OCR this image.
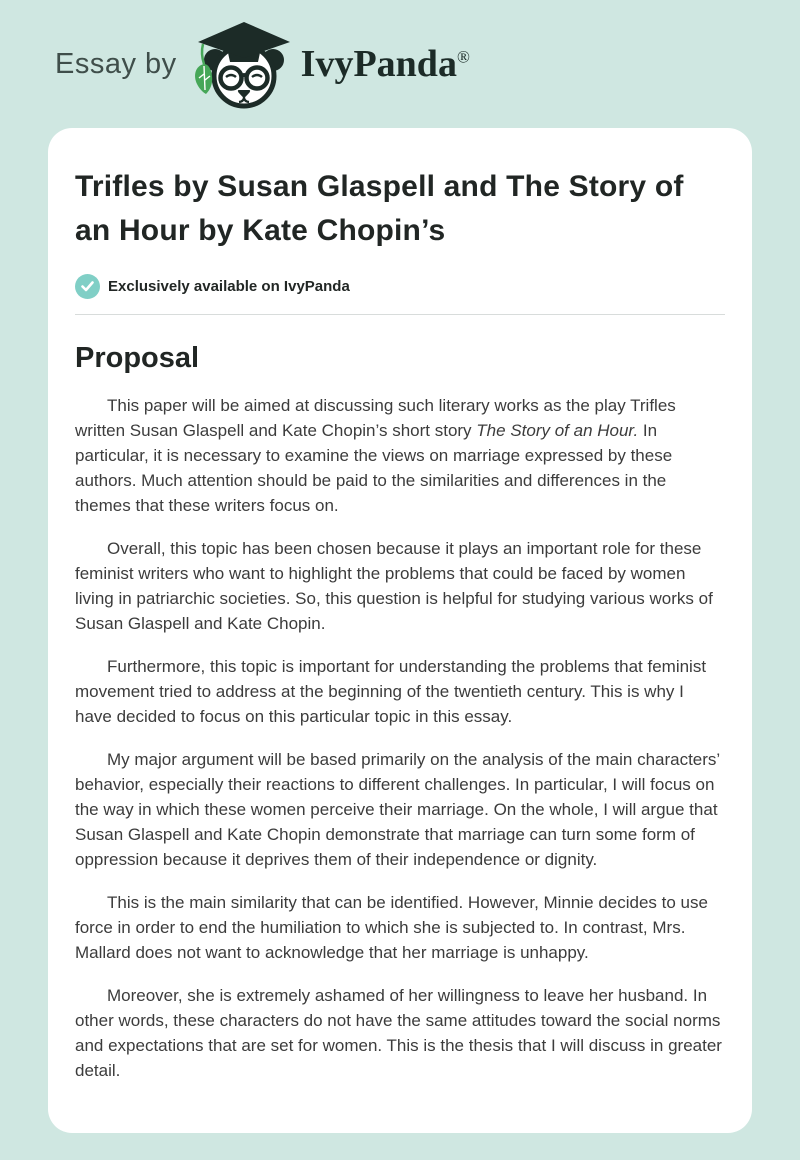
Essay by	IvyPanda®
Trifles by Susan Glaspell and The Story of an Hour by Kate Chopin’s
Exclusively available on IvyPanda
Proposal

This paper will be aimed at discussing such literary works as the play Trifles written Susan Glaspell and Kate Chopin’s short story The Story of an Hour. In particular, it is necessary to examine the views on marriage expressed by these authors. Much attention should be paid to the similarities and differences in the themes that these writers focus on.

Overall, this topic has been chosen because it plays an important role for these feminist writers who want to highlight the problems that could be faced by women living in patriarchic societies. So, this question is helpful for studying various works of Susan Glaspell and Kate Chopin.

Furthermore, this topic is important for understanding the problems that feminist movement tried to address at the beginning of the twentieth century. This is why I have decided to focus on this particular topic in this essay.

My major argument will be based primarily on the analysis of the main characters’ behavior, especially their reactions to different challenges. In particular, I will focus on the way in which these women perceive their marriage. On the whole, I will argue that Susan Glaspell and Kate Chopin demonstrate that marriage can turn some form of oppression because it deprives them of their independence or dignity.

This is the main similarity that can be identified. However, Minnie decides to use force in order to end the humiliation to which she is subjected to. In contrast, Mrs. Mallard does not want to acknowledge that her marriage is unhappy.

Moreover, she is extremely ashamed of her willingness to leave her husband. In other words, these characters do not have the same attitudes toward the social norms and expectations that are set for women. This is the thesis that I will discuss in greater detail.
